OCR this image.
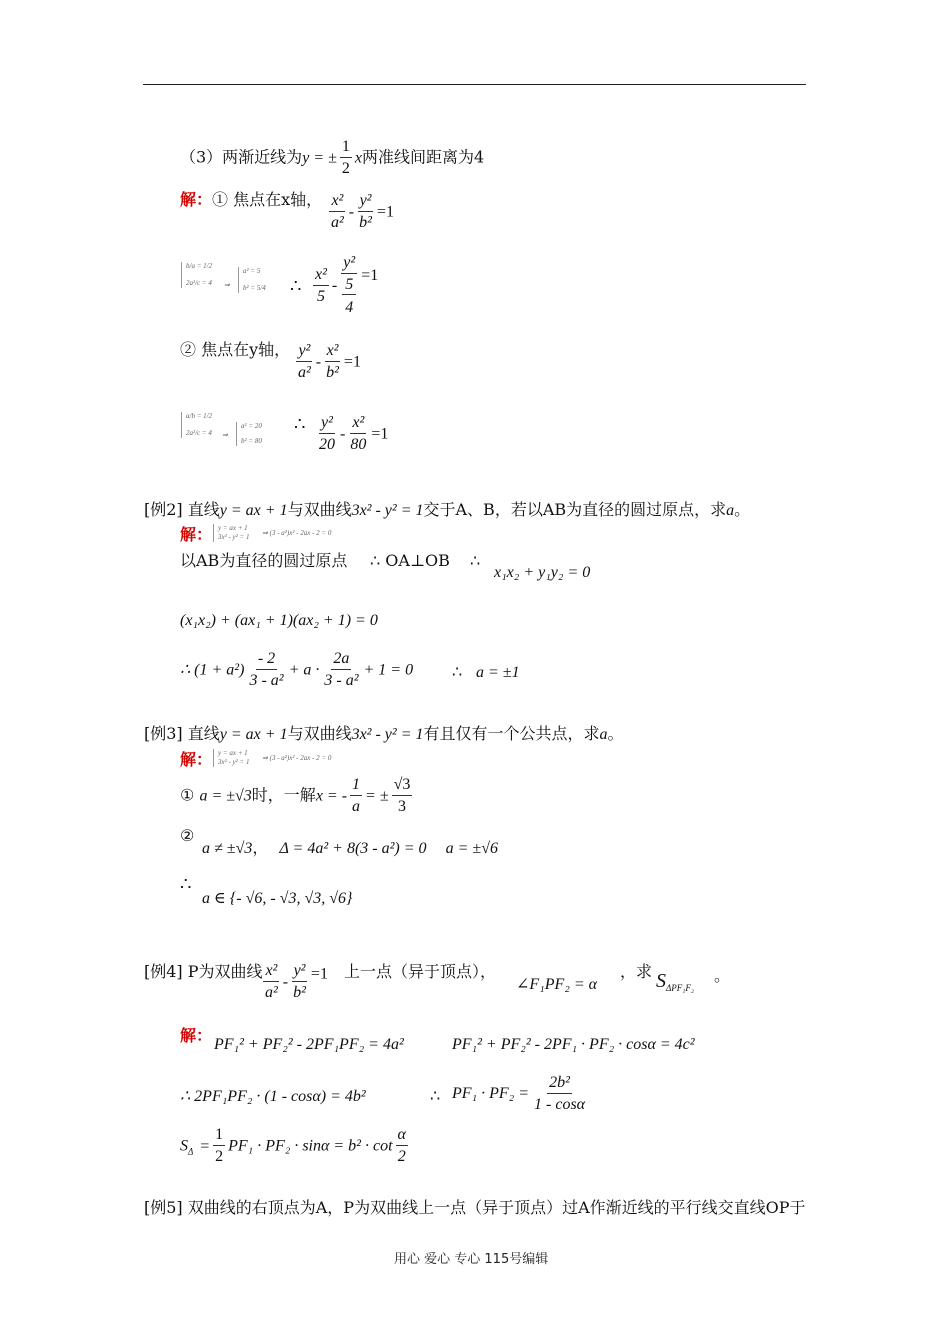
（3）两渐近线为y = ± $\frac{1}{2}$ x两准线间距离为4
解：① 焦点在x轴， $\frac{\text{x²}}{\text{a²}} - \frac{\text{y²}}{\text{b²}} =1$
b/a = 1/2
2a²/c = 4 ⇒
a² = 5
b² = 5/4 ∴ $\frac{\text{x²}}{5} - y^2$
5
4 =1
② 焦点在y轴， $\frac{\text{y²}}{\text{a²}} - \frac{\text{x²}}{\text{b²}} =1$
a/b = 1/2
2a²/c = 4 ⇒
a² = 20
b² = 80
∴ $\frac{\text{y²}}{20} - \frac{\text{x²}}{80} =1$
[例2] 直线y = ax + 1与双曲线3x² - y² = 1交于A、B，若以AB为直径的圆过原点，求a。
解： y = ax + 1
3x² - y² = 1 ⇒ (3 - a²)x² - 2ax - 2 = 0
以AB为直径的圆过原点 ∴ OA⊥OB ∴
x₁x₂ + y₁y₂ = 0
(x₁x₂) + (ax₁ + 1)(ax₂ + 1) = 0
∴ $(1 + a^2) \frac{- 2}{\text{3 - a²}} + a \cdot \frac{2a}{\text{3 - a²}} + 1 = 0$ ∴ a = ±1
[例3] 直线y = ax + 1与双曲线3x² - y² = 1有且仅有一个公共点，求a。
解： y = ax + 1
3x² - y² = 1 ⇒ (3 - a²)x² - 2ax - 2 = 0
① a = ±√3时，一解x = - $\frac{1}{a}$ = ± $\frac{√3}{3}$
②
a ≠ ±√3， Δ = 4a² + 8(3 - a²) = 0 a = ±√6
∴
a ∈ {- √6, - √3, √3, √6}
[例4] P为双曲线 $\frac{\text{x²}}{\text{a²}} - \frac{\text{y²}}{\text{b²}} =1$ 上一点（异于顶点），
∠F₁PF₂ = α
，求 $S_{\Delta PF_1F_2}$
。
解： PF₁² + PF₂² - 2PF₁PF₂ = 4a²	PF₁² + PF₂² - 2PF₁ · PF₂ · cosα = 4c²
∴ 2PF₁PF₂ · (1 - cosα) = 4b²	∴ $PF_1 \cdot PF_2 = \frac{\text{2b²}}{1 - \cos\alpha}$
$S_\Delta = \frac{1}{2} PF_1 \cdot PF_2 \cdot \sin\alpha = b^2 \cdot \cot \frac{\alpha}{2}$
[例5] 双曲线的右顶点为A，P为双曲线上一点（异于顶点）过A作渐近线的平行线交直线OP于
用心 爱心 专心 115号编辑
